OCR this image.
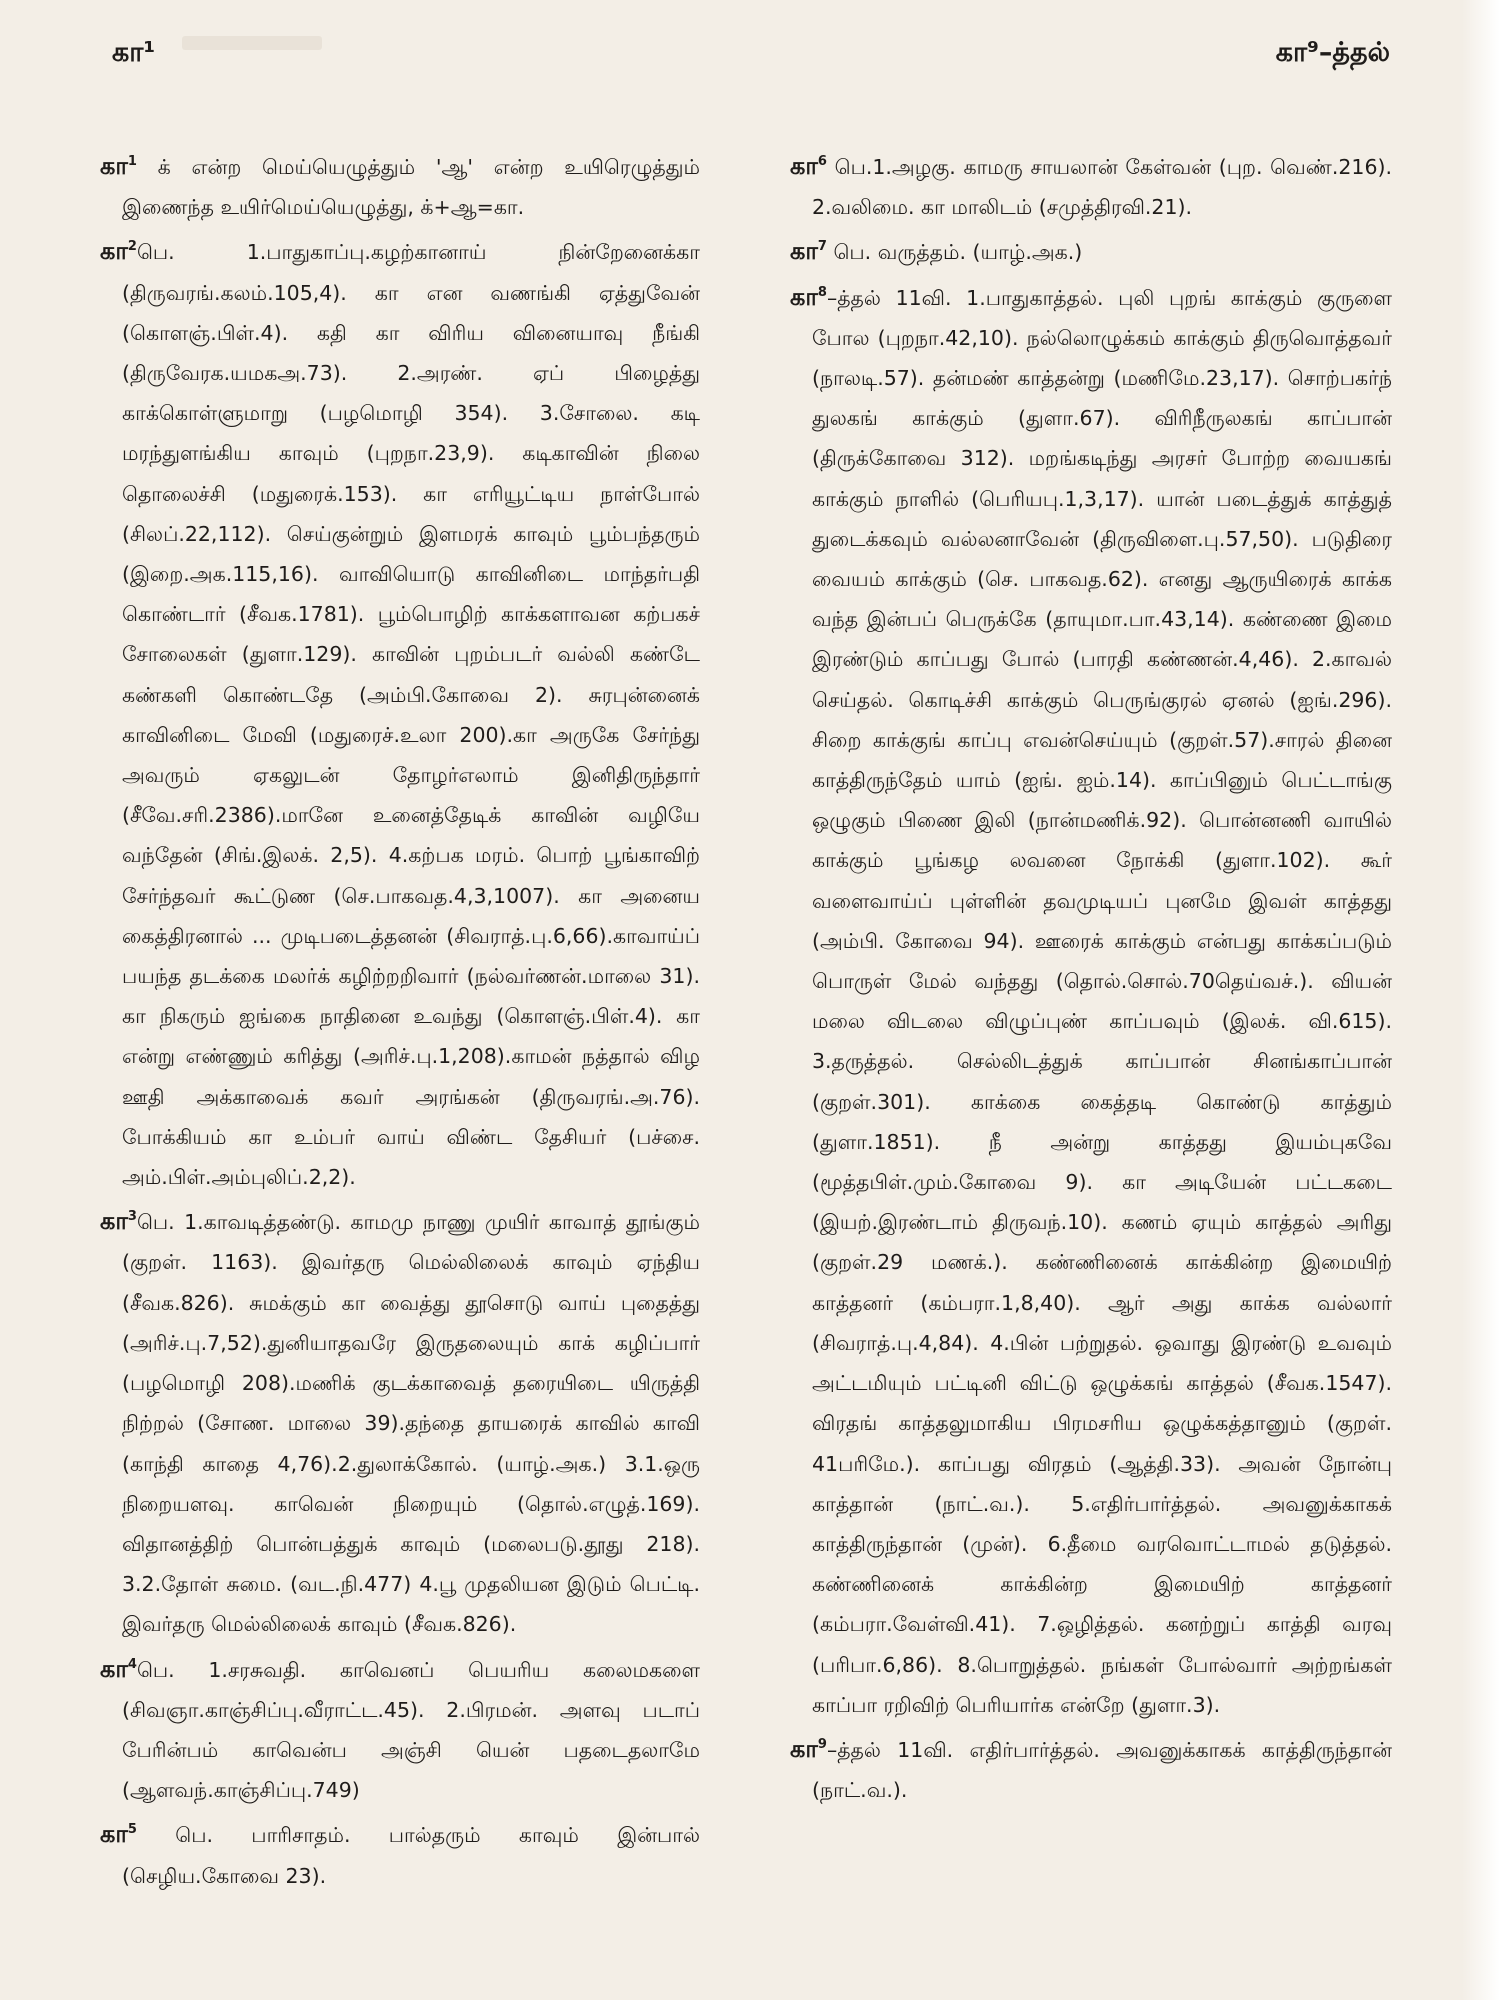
கா¹	கா⁹–த்தல்

கா$^1$ க் என்ற மெய்யெழுத்தும் 'ஆ' என்ற உயிரெழுத்தும் இணைந்த உயிர்மெய்யெழுத்து, க்+ஆ=கா.

கா$^2$பெ. 1.பாதுகாப்பு.கழற்கானாய் நின்றேனைக்கா (திருவரங்.கலம்.105,4). கா என வணங்கி ஏத்துவேன் (கொளஞ்.பிள்.4). கதி கா விரிய வினையாவு நீங்கி (திருவேரக.யமகஅ.73). 2.அரண். ஏப் பிழைத்து காக்கொள்ளுமாறு (பழமொழி 354). 3.சோலை. கடி மரந்துளங்கிய காவும் (புறநா.23,9). கடிகாவின் நிலை தொலைச்சி (மதுரைக்.153). கா எரியூட்டிய நாள்போல் (சிலப்.22,112). செய்குன்றும் இளமரக் காவும் பூம்பந்தரும் (இறை.அக.115,16). வாவியொடு காவினிடை மாந்தர்பதி கொண்டார் (சீவக.1781). பூம்பொழிற் காக்களாவன கற்பகச் சோலைகள் (துளா.129). காவின் புறம்படர் வல்லி கண்டே கண்களி கொண்டதே (அம்பி.கோவை 2). சுரபுன்னைக் காவினிடை மேவி (மதுரைச்.உலா 200).கா அருகே சேர்ந்து அவரும் ஏகலுடன் தோழர்எலாம் இனிதிருந்தார் (சீவே.சரி.2386).மானே உனைத்தேடிக் காவின் வழியே வந்தேன் (சிங்.இலக். 2,5). 4.கற்பக மரம். பொற் பூங்காவிற் சேர்ந்தவர் கூட்டுண (செ.பாகவத.4,3,1007). கா அனைய கைத்திரனால் ... முடிபடைத்தனன் (சிவராத்.பு.6,66).காவாய்ப் பயந்த தடக்கை மலர்க் கழிற்றறிவார் (நல்வர்ணன்.மாலை 31). கா நிகரும் ஐங்கை நாதினை உவந்து (கொளஞ்.பிள்.4). கா என்று எண்ணும் கரித்து (அரிச்.பு.1,208).காமன் நத்தால் விழ ஊதி அக்காவைக் கவர் அரங்கன் (திருவரங்.அ.76). போக்கியம் கா உம்பர் வாய் விண்ட தேசியர் (பச்சை. அம்.பிள்.அம்புலிப்.2,2).

கா$^3$பெ. 1.காவடித்தண்டு. காமமு நாணு முயிர் காவாத் தூங்கும் (குறள். 1163). இவர்தரு மெல்லிலைக் காவும் ஏந்திய (சீவக.826). சுமக்கும் கா வைத்து தூசொடு வாய் புதைத்து (அரிச்.பு.7,52).துனியாதவரே இருதலையும் காக் கழிப்பார் (பழமொழி 208).மணிக் குடக்காவைத் தரையிடை யிருத்தி நிற்றல் (சோண. மாலை 39).தந்தை தாயரைக் காவில் காவி (காந்தி காதை 4,76).2.துலாக்கோல். (யாழ்.அக.) 3.1.ஒரு நிறையளவு. காவென் நிறையும் (தொல்.எழுத்.169). விதானத்திற் பொன்பத்துக் காவும் (மலைபடு.தூது 218). 3.2.தோள் சுமை. (வட.நி.477) 4.பூ முதலியன இடும் பெட்டி. இவர்தரு மெல்லிலைக் காவும் (சீவக.826).

கா$^4$பெ. 1.சரசுவதி. காவெனப் பெயரிய கலைமகளை (சிவஞா.காஞ்சிப்பு.வீராட்ட.45). 2.பிரமன். அளவு படாப் பேரின்பம் காவென்ப அஞ்சி யென் பதடைதலாமே (ஆளவந்.காஞ்சிப்பு.749)

கா$^5$ பெ. பாரிசாதம். பால்தரும் காவும் இன்பால் (செழிய.கோவை 23).

கா$^6$ பெ.1.அழகு. காமரு சாயலான் கேள்வன் (புற. வெண்.216). 2.வலிமை. கா மாலிடம் (சமுத்திரவி.21).

கா$^7$ பெ. வருத்தம். (யாழ்.அக.)

கா$^8$–த்தல் 11வி. 1.பாதுகாத்தல். புலி புறங் காக்கும் குருளை போல (புறநா.42,10). நல்லொழுக்கம் காக்கும் திருவொத்தவர் (நாலடி.57). தன்மண் காத்தன்று (மணிமே.23,17). சொற்பகர்ந் துலகங் காக்கும் (துளா.67). விரிநீருலகங் காப்பான் (திருக்கோவை 312). மறங்கடிந்து அரசர் போற்ற வையகங் காக்கும் நாளில் (பெரியபு.1,3,17). யான் படைத்துக் காத்துத் துடைக்கவும் வல்லனாவேன் (திருவிளை.பு.57,50). படுதிரை வையம் காக்கும் (செ. பாகவத.62). எனது ஆருயிரைக் காக்க வந்த இன்பப் பெருக்கே (தாயுமா.பா.43,14). கண்ணை இமை இரண்டும் காப்பது போல் (பாரதி கண்ணன்.4,46). 2.காவல் செய்தல். கொடிச்சி காக்கும் பெருங்குரல் ஏனல் (ஐங்.296). சிறை காக்குங் காப்பு எவன்செய்யும் (குறள்.57).சாரல் தினை காத்திருந்தேம் யாம் (ஐங். ஐம்.14). காப்பினும் பெட்டாங்கு ஒழுகும் பிணை இலி (நான்மணிக்.92). பொன்னணி வாயில் காக்கும் பூங்கழ லவனை நோக்கி (துளா.102). கூர் வளைவாய்ப் புள்ளின் தவமுடியப் புனமே இவள் காத்தது (அம்பி. கோவை 94). ஊரைக் காக்கும் என்பது காக்கப்படும் பொருள் மேல் வந்தது (தொல்.சொல்.70தெய்வச்.). வியன் மலை விடலை விழுப்புண் காப்பவும் (இலக். வி.615). 3.தருத்தல். செல்லிடத்துக் காப்பான் சினங்காப்பான் (குறள்.301). காக்கை கைத்தடி கொண்டு காத்தும் (துளா.1851). நீ அன்று காத்தது இயம்புகவே (மூத்தபிள்.மும்.கோவை 9). கா அடியேன் பட்டகடை (இயற்.இரண்டாம் திருவந்.10). கணம் ஏயும் காத்தல் அரிது (குறள்.29 மணக்.). கண்ணினைக் காக்கின்ற இமையிற் காத்தனர் (கம்பரா.1,8,40). ஆர் அது காக்க வல்லார் (சிவராத்.பு.4,84). 4.பின் பற்றுதல். ஒவாது இரண்டு உவவும் அட்டமியும் பட்டினி விட்டு ஒழுக்கங் காத்தல் (சீவக.1547). விரதங் காத்தலுமாகிய பிரமசரிய ஒழுக்கத்தானும் (குறள். 41பரிமே.). காப்பது விரதம் (ஆத்தி.33). அவன் நோன்பு காத்தான் (நாட்.வ.). 5.எதிர்பார்த்தல். அவனுக்காகக் காத்திருந்தான் (முன்). 6.தீமை வரவொட்டாமல் தடுத்தல். கண்ணினைக் காக்கின்ற இமையிற் காத்தனர் (கம்பரா.வேள்வி.41). 7.ஒழித்தல். கனற்றுப் காத்தி வரவு (பரிபா.6,86). 8.பொறுத்தல். நங்கள் போல்வார் அற்றங்கள் காப்பா ரறிவிற் பெரியார்க என்றே (துளா.3).

கா$^9$–த்தல் 11வி. எதிர்பார்த்தல். அவனுக்காகக் காத்திருந்தான் (நாட்.வ.).
